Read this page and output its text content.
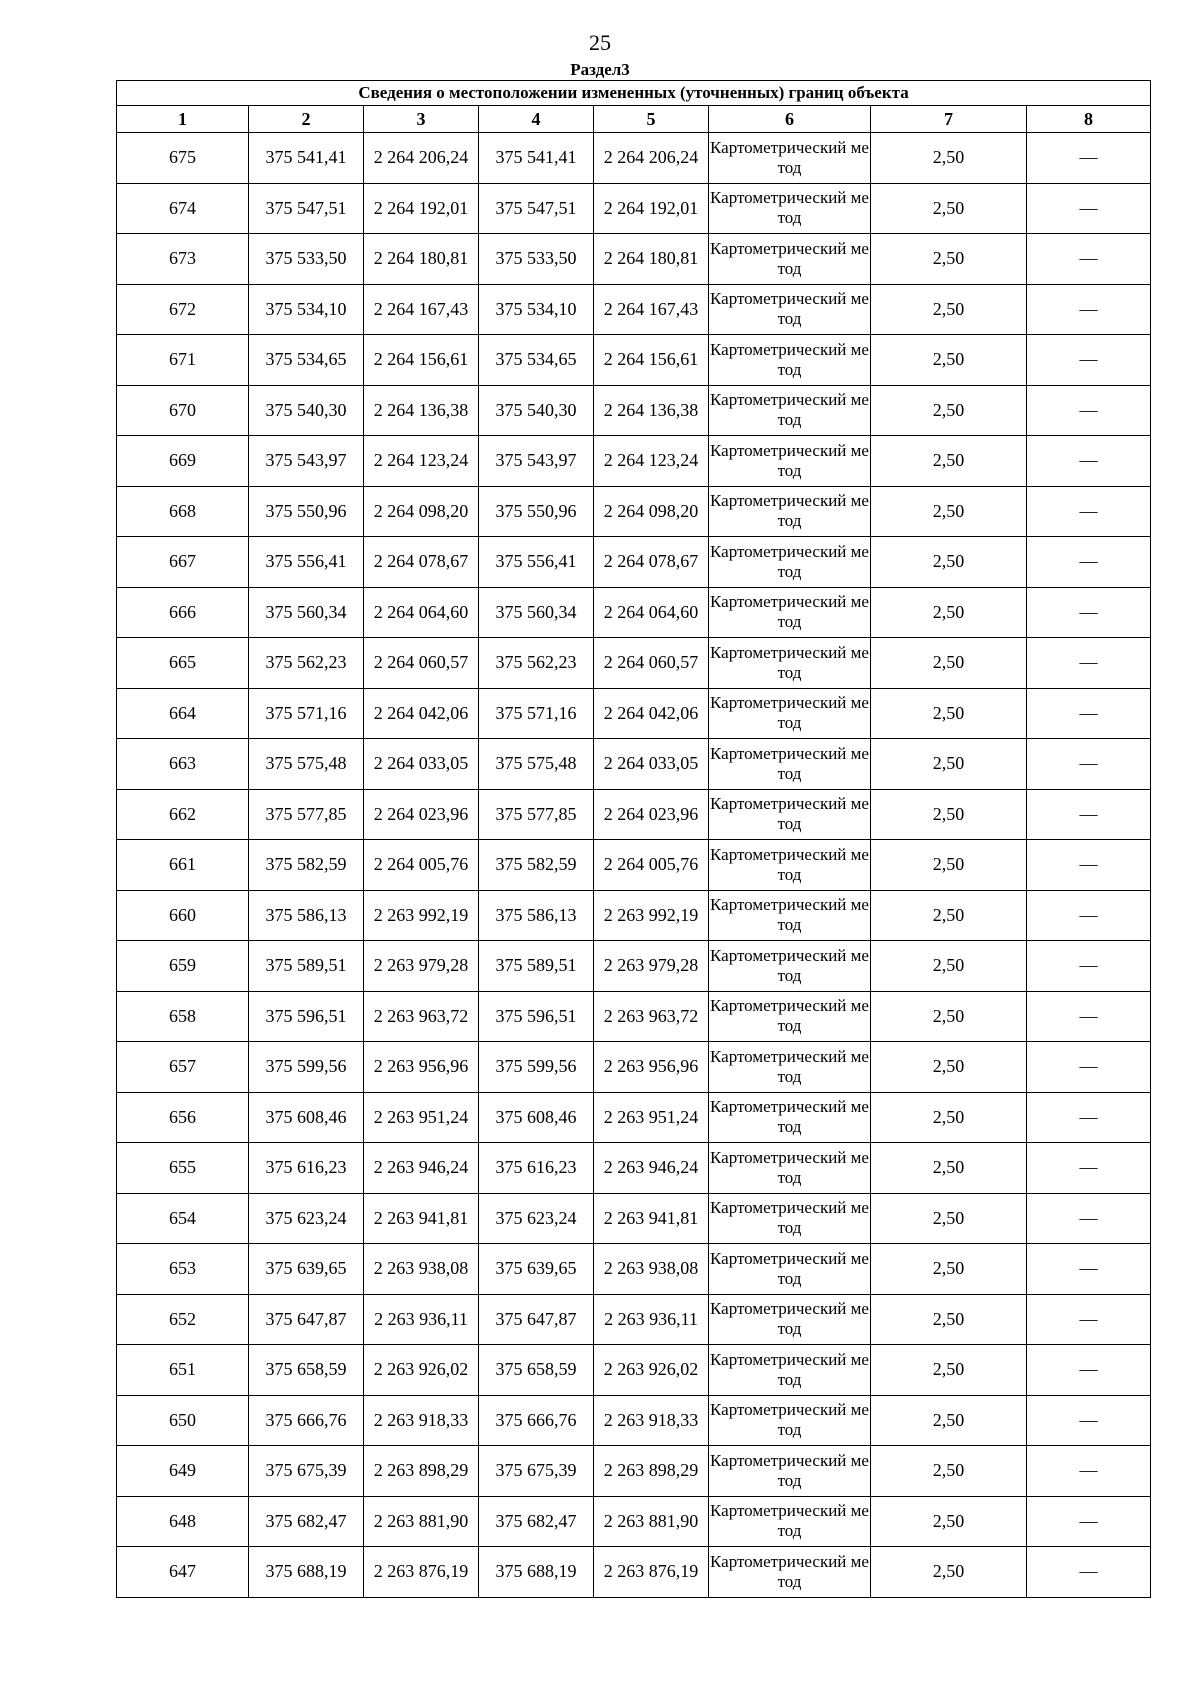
25
Раздел3
Сведения о местоположении измененных (уточненных) границ объекта							
1	2	3	4	5	6	7	8
675	375 541,41	2 264 206,24	375 541,41	2 264 206,24	Картометрический метод	2,50	—
674	375 547,51	2 264 192,01	375 547,51	2 264 192,01	Картометрический метод	2,50	—
673	375 533,50	2 264 180,81	375 533,50	2 264 180,81	Картометрический метод	2,50	—
672	375 534,10	2 264 167,43	375 534,10	2 264 167,43	Картометрический метод	2,50	—
671	375 534,65	2 264 156,61	375 534,65	2 264 156,61	Картометрический метод	2,50	—
670	375 540,30	2 264 136,38	375 540,30	2 264 136,38	Картометрический метод	2,50	—
669	375 543,97	2 264 123,24	375 543,97	2 264 123,24	Картометрический метод	2,50	—
668	375 550,96	2 264 098,20	375 550,96	2 264 098,20	Картометрический метод	2,50	—
667	375 556,41	2 264 078,67	375 556,41	2 264 078,67	Картометрический метод	2,50	—
666	375 560,34	2 264 064,60	375 560,34	2 264 064,60	Картометрический метод	2,50	—
665	375 562,23	2 264 060,57	375 562,23	2 264 060,57	Картометрический метод	2,50	—
664	375 571,16	2 264 042,06	375 571,16	2 264 042,06	Картометрический метод	2,50	—
663	375 575,48	2 264 033,05	375 575,48	2 264 033,05	Картометрический метод	2,50	—
662	375 577,85	2 264 023,96	375 577,85	2 264 023,96	Картометрический метод	2,50	—
661	375 582,59	2 264 005,76	375 582,59	2 264 005,76	Картометрический метод	2,50	—
660	375 586,13	2 263 992,19	375 586,13	2 263 992,19	Картометрический метод	2,50	—
659	375 589,51	2 263 979,28	375 589,51	2 263 979,28	Картометрический метод	2,50	—
658	375 596,51	2 263 963,72	375 596,51	2 263 963,72	Картометрический метод	2,50	—
657	375 599,56	2 263 956,96	375 599,56	2 263 956,96	Картометрический метод	2,50	—
656	375 608,46	2 263 951,24	375 608,46	2 263 951,24	Картометрический метод	2,50	—
655	375 616,23	2 263 946,24	375 616,23	2 263 946,24	Картометрический метод	2,50	—
654	375 623,24	2 263 941,81	375 623,24	2 263 941,81	Картометрический метод	2,50	—
653	375 639,65	2 263 938,08	375 639,65	2 263 938,08	Картометрический метод	2,50	—
652	375 647,87	2 263 936,11	375 647,87	2 263 936,11	Картометрический метод	2,50	—
651	375 658,59	2 263 926,02	375 658,59	2 263 926,02	Картометрический метод	2,50	—
650	375 666,76	2 263 918,33	375 666,76	2 263 918,33	Картометрический метод	2,50	—
649	375 675,39	2 263 898,29	375 675,39	2 263 898,29	Картометрический метод	2,50	—
648	375 682,47	2 263 881,90	375 682,47	2 263 881,90	Картометрический метод	2,50	—
647	375 688,19	2 263 876,19	375 688,19	2 263 876,19	Картометрический метод	2,50	—
